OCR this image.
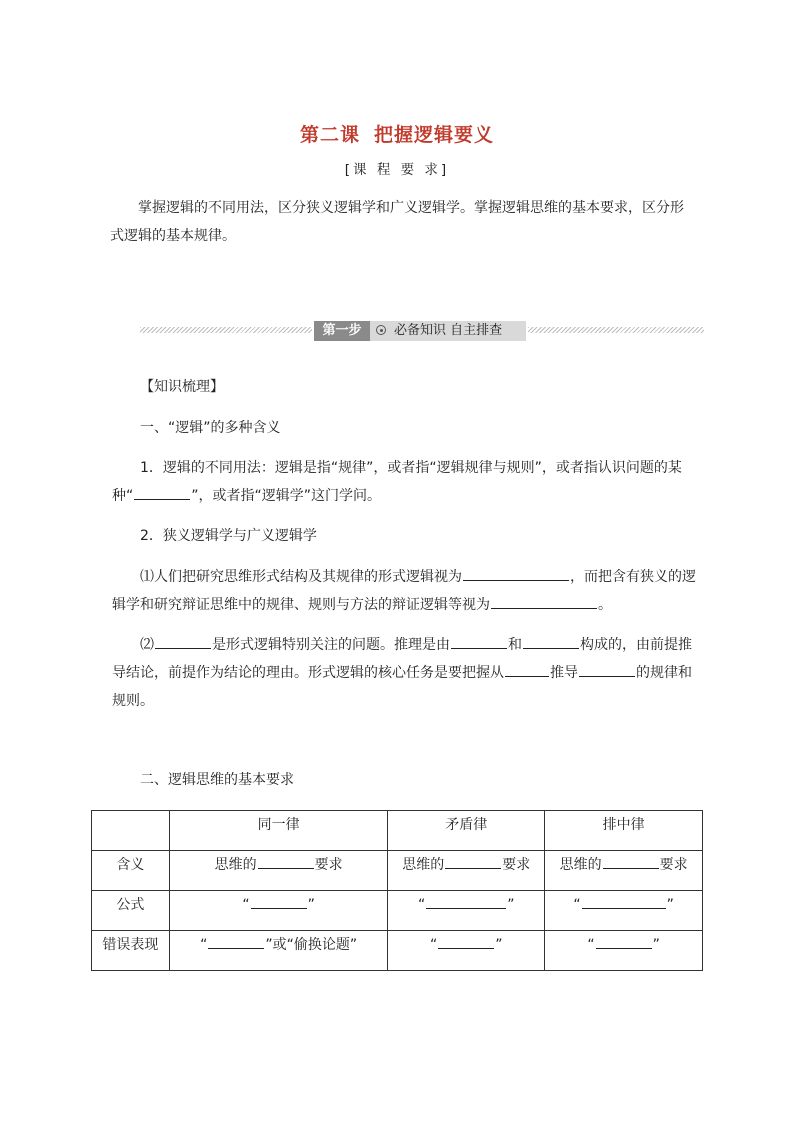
第二课 把握逻辑要义
[课 程 要 求]
掌握逻辑的不同用法，区分狭义逻辑学和广义逻辑学。掌握逻辑思维的基本要求，区分形式逻辑的基本规律。
第一步	必备知识 自主排查
【知识梳理】
一、“逻辑”的多种含义
1．逻辑的不同用法：逻辑是指“规律”，或者指“逻辑规律与规则”，或者指认识问题的某种“	”，或者指“逻辑学”这门学问。
2．狭义逻辑学与广义逻辑学
⑴人们把研究思维形式结构及其规律的形式逻辑视为	，而把含有狭义的逻辑学和研究辩证思维中的规律、规则与方法的辩证逻辑等视为	。
⑵	是形式逻辑特别关注的问题。推理是由	和	构成的，由前提推导结论，前提作为结论的理由。形式逻辑的核心任务是要把握从	推导	的规律和规则。
二、逻辑思维的基本要求
	同一律	矛盾律	排中律
含义	思维的 要求	思维的 要求	思维的 要求
公式	“ ”	“ ”	“ ”
错误表现	“ ”或“偷换论题”	“ ”	“ ”
